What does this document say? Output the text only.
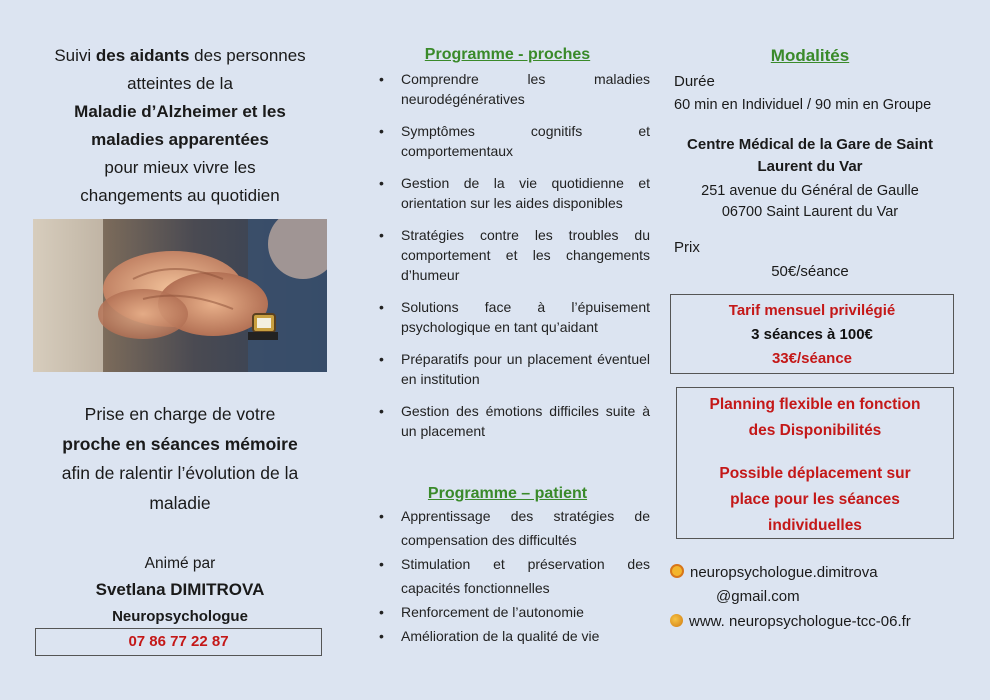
Suivi des aidants des personnes
atteintes de la
Maladie d’Alzheimer et les
maladies apparentées
pour mieux vivre les
changements au quotidien
Prise en charge de votre
proche en séances mémoire
afin de ralentir l’évolution de la
maladie
Animé par
Svetlana DIMITROVA
Neuropsychologue
07 86 77 22 87
Programme - proches
• Comprendre les maladies neurodégénératives
• Symptômes cognitifs et comportementaux
• Gestion de la vie quotidienne et orientation sur les aides disponibles
• Stratégies contre les troubles du comportement et les changements d’humeur
• Solutions face à l’épuisement psychologique en tant qu’aidant
• Préparatifs pour un placement éventuel en institution
• Gestion des émotions difficiles suite à un placement
Programme – patient
• Apprentissage des stratégies de compensation des difficultés
• Stimulation et préservation des capacités fonctionnelles
• Renforcement de l’autonomie
• Amélioration de la qualité de vie
Modalités
Durée
60 min en Individuel / 90 min en Groupe
Centre Médical de la Gare de Saint
Laurent du Var
251 avenue du Général de Gaulle
06700 Saint Laurent du Var
Prix
50€/séance
Tarif mensuel privilégié
3 séances à 100€
33€/séance
Planning flexible en fonction
des Disponibilités
Possible déplacement sur
place pour les séances
individuelles
neuropsychologue.dimitrova
@gmail.com
www. neuropsychologue-tcc-06.fr
